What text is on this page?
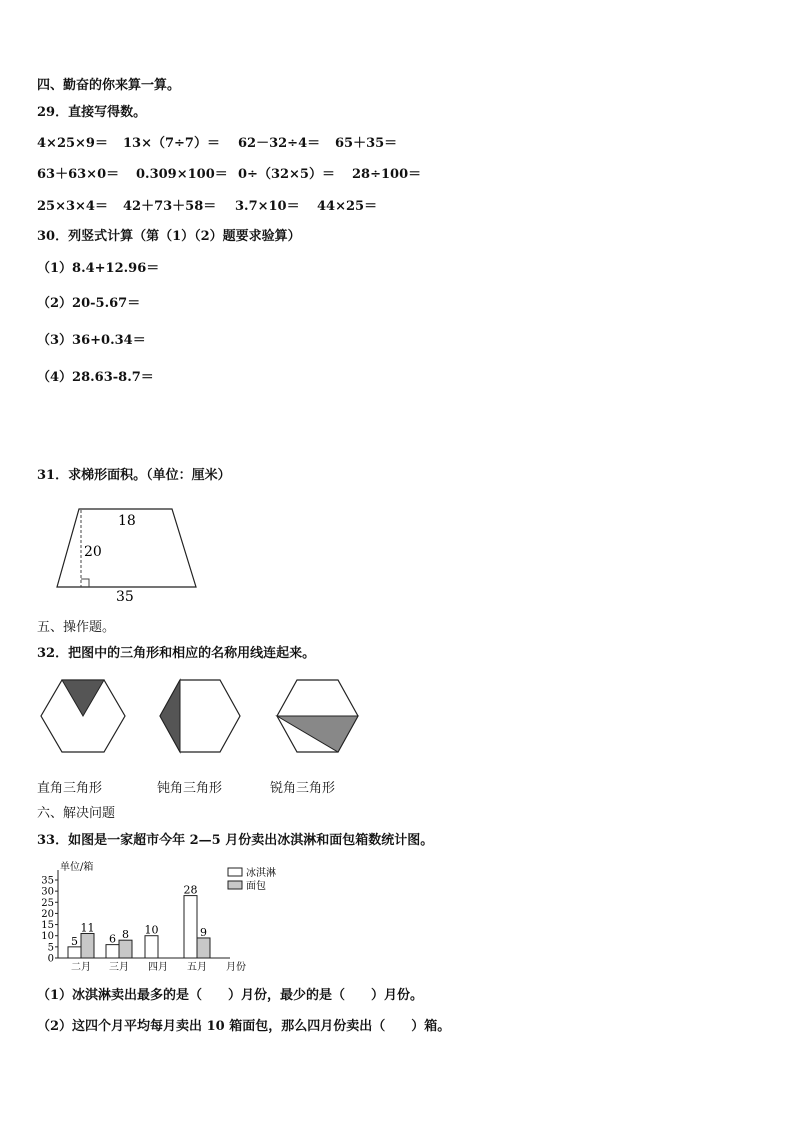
四、勤奋的你来算一算。
29．直接写得数。
4×25×9＝ 13×（7÷7）＝ 62－32÷4＝ 65＋35＝
63＋63×0＝ 0.309×100＝ 0÷（32×5）＝ 28÷100＝
25×3×4＝ 42＋73＋58＝ 3.7×10＝ 44×25＝
30．列竖式计算（第（1）（2）题要求验算）
（1）8.4+12.96＝
（2）20-5.67＝
（3）36+0.34＝
（4）28.63-8.7＝
31．求梯形面积。（单位：厘米）
18
20
35
五、操作题。
32．把图中的三角形和相应的名称用线连起来。
直角三角形	钝角三角形	锐角三角形
六、解决问题
33．如图是一家超市今年 2—5 月份卖出冰淇淋和面包箱数统计图。
0
5
10
15
20
25
30
35
单位/箱
月份
5
11
二月
6 8
三月
10
四月
28
9
五月
冰淇淋
面包
（1）冰淇淋卖出最多的是（　　）月份，最少的是（　　）月份。
（2）这四个月平均每月卖出 10 箱面包，那么四月份卖出（　　）箱。
